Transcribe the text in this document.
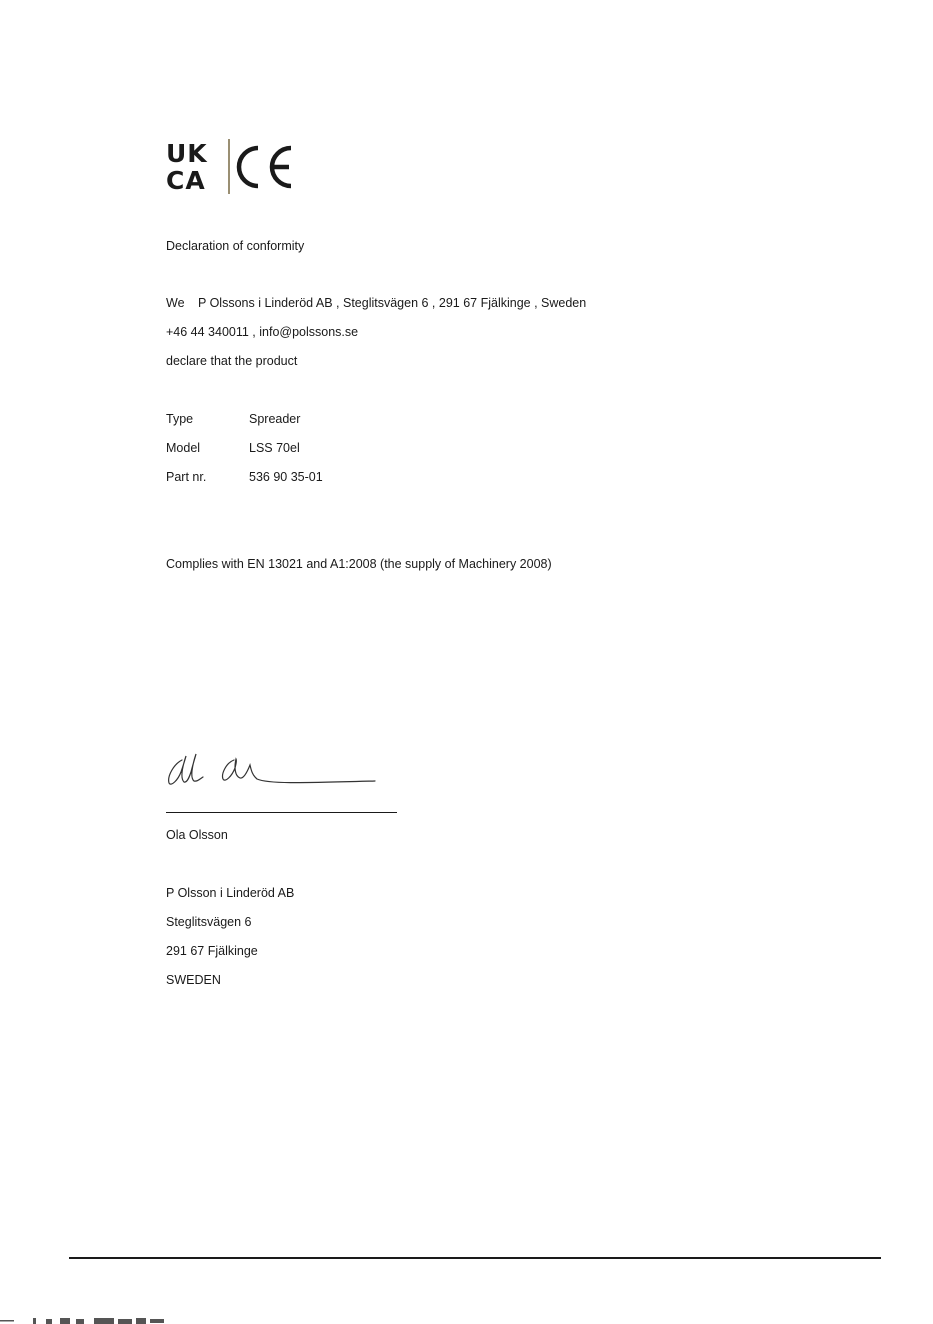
UK
CA
Declaration of conformity
We P Olssons i Linderöd AB , Steglitsvägen 6 , 291 67 Fjälkinge , Sweden
+46 44 340011 , info@polssons.se
declare that the product
Type	Spreader
Model	LSS 70el
Part nr.	536 90 35-01
Complies with EN 13021 and A1:2008 (the supply of Machinery 2008)
Ola Olsson
P Olsson i Linderöd AB
Steglitsvägen 6
291 67 Fjälkinge
SWEDEN
